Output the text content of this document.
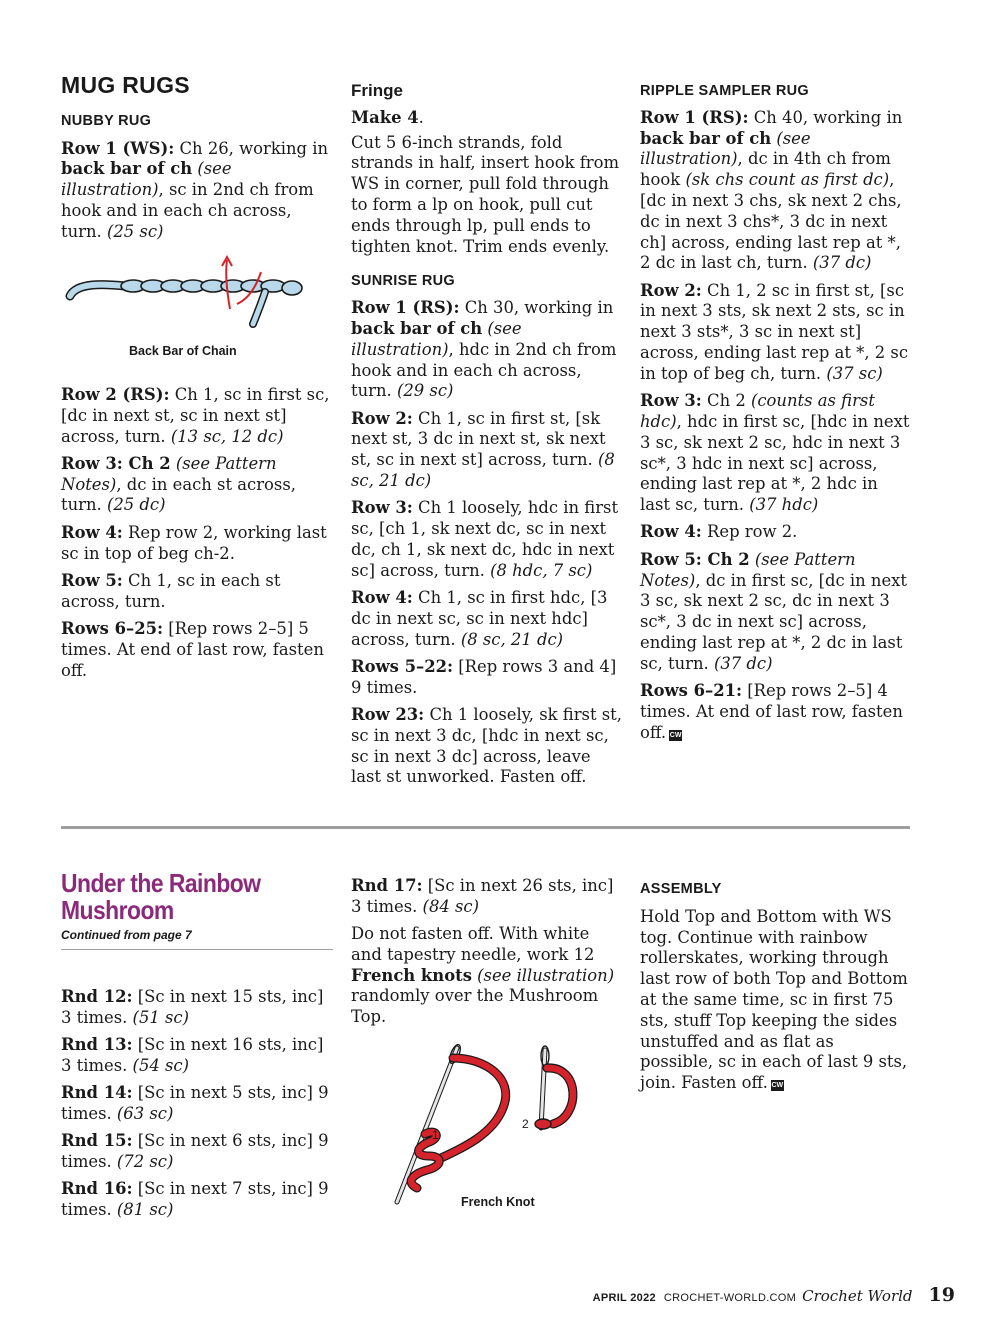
MUG RUGS
NUBBY RUG

Row 1 (WS): Ch 26, working in back bar of ch (see illustration), sc in 2nd ch from hook and in each ch across, turn. (25 sc)

Back Bar of Chain

Row 2 (RS): Ch 1, sc in first sc, [dc in next st, sc in next st] across, turn. (13 sc, 12 dc)

Row 3: Ch 2 (see Pattern Notes), dc in each st across, turn. (25 dc)

Row 4: Rep row 2, working last sc in top of beg ch-2.

Row 5: Ch 1, sc in each st across, turn.

Rows 6–25: [Rep rows 2–5] 5 times. At end of last row, fasten off.

Fringe

Make 4.

Cut 5 6-inch strands, fold strands in half, insert hook from WS in corner, pull fold through to form a lp on hook, pull cut ends through lp, pull ends to tighten knot. Trim ends evenly.

SUNRISE RUG

Row 1 (RS): Ch 30, working in back bar of ch (see illustration), hdc in 2nd ch from hook and in each ch across, turn. (29 sc)

Row 2: Ch 1, sc in first st, [sk next st, 3 dc in next st, sk next st, sc in next st] across, turn. (8 sc, 21 dc)

Row 3: Ch 1 loosely, hdc in first sc, [ch 1, sk next dc, sc in next dc, ch 1, sk next dc, hdc in next sc] across, turn. (8 hdc, 7 sc)

Row 4: Ch 1, sc in first hdc, [3 dc in next sc, sc in next hdc] across, turn. (8 sc, 21 dc)

Rows 5–22: [Rep rows 3 and 4] 9 times.

Row 23: Ch 1 loosely, sk first st, sc in next 3 dc, [hdc in next sc, sc in next 3 dc] across, leave last st unworked. Fasten off.

RIPPLE SAMPLER RUG

Row 1 (RS): Ch 40, working in back bar of ch (see illustration), dc in 4th ch from hook (sk chs count as first dc), [dc in next 3 chs, sk next 2 chs, dc in next 3 chs*, 3 dc in next ch] across, ending last rep at *, 2 dc in last ch, turn. (37 dc)

Row 2: Ch 1, 2 sc in first st, [sc in next 3 sts, sk next 2 sts, sc in next 3 sts*, 3 sc in next st] across, ending last rep at *, 2 sc in top of beg ch, turn. (37 sc)

Row 3: Ch 2 (counts as first hdc), hdc in first sc, [hdc in next 3 sc, sk next 2 sc, hdc in next 3 sc*, 3 hdc in next sc] across, ending last rep at *, 2 hdc in last sc, turn. (37 hdc)

Row 4: Rep row 2.

Row 5: Ch 2 (see Pattern Notes), dc in first sc, [dc in next 3 sc, sk next 2 sc, dc in next 3 sc*, 3 dc in next sc] across, ending last rep at *, 2 dc in last sc, turn. (37 dc)

Rows 6–21: [Rep rows 2–5] 4 times. At end of last row, fasten off. CW

Under the Rainbow
Mushroom
Continued from page 7

Rnd 12: [Sc in next 15 sts, inc] 3 times. (51 sc)

Rnd 13: [Sc in next 16 sts, inc] 3 times. (54 sc)

Rnd 14: [Sc in next 5 sts, inc] 9 times. (63 sc)

Rnd 15: [Sc in next 6 sts, inc] 9 times. (72 sc)

Rnd 16: [Sc in next 7 sts, inc] 9 times. (81 sc)

Rnd 17: [Sc in next 26 sts, inc] 3 times. (84 sc)

Do not fasten off. With white and tapestry needle, work 12 French knots (see illustration) randomly over the Mushroom Top.

1
2
French Knot
ASSEMBLY

Hold Top and Bottom with WS tog. Continue with rainbow rollerskates, working through last row of both Top and Bottom at the same time, sc in first 75 sts, stuff Top keeping the sides unstuffed and as flat as possible, sc in each of last 9 sts, join. Fasten off. CW

APRIL 2022 CROCHET-WORLD.COM Crochet World 19
